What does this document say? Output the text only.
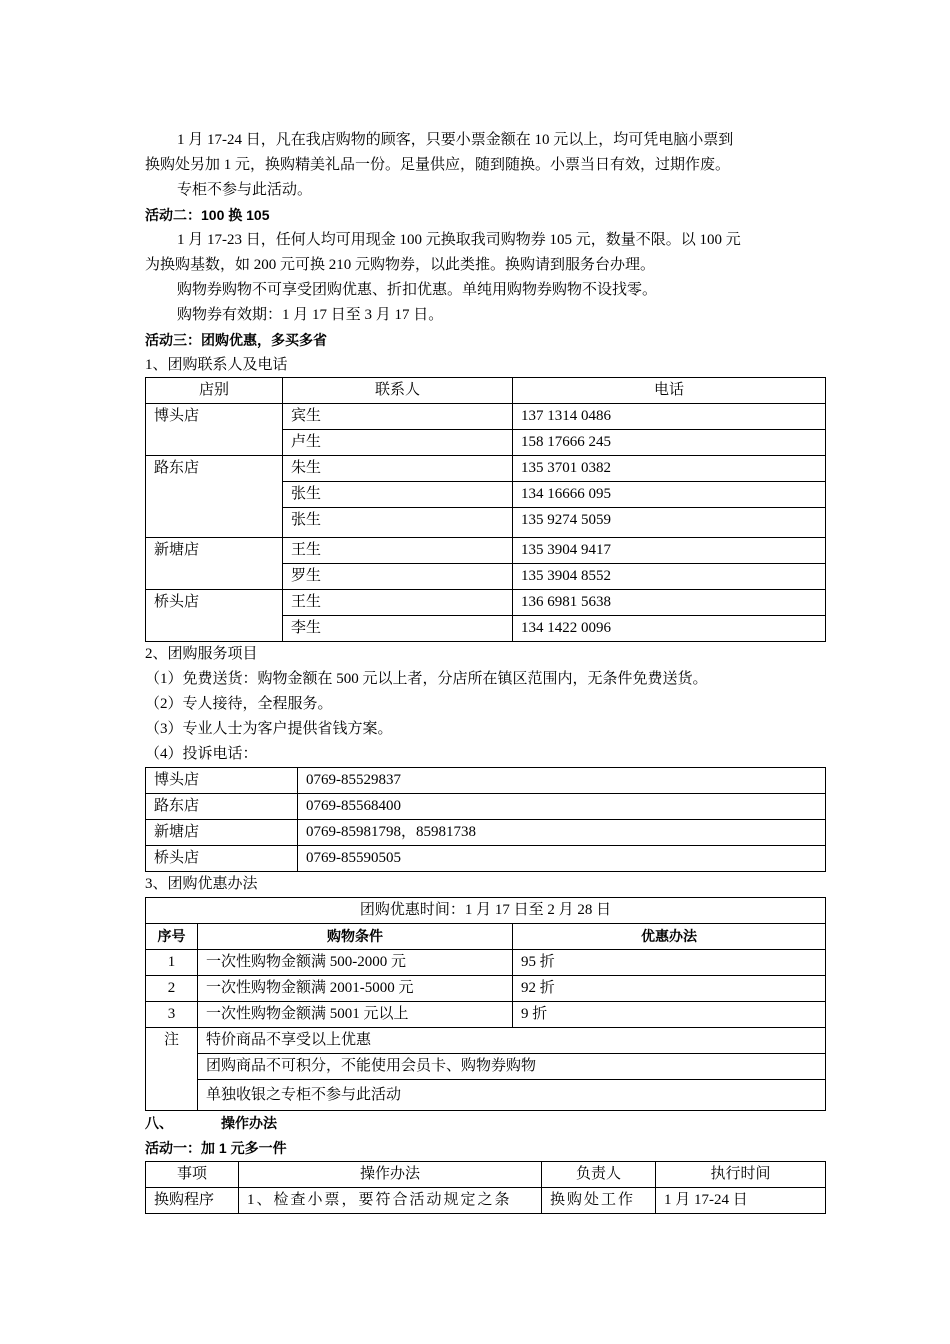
1 月 17-24 日，凡在我店购物的顾客，只要小票金额在 10 元以上，均可凭电脑小票到
换购处另加 1 元，换购精美礼品一份。足量供应，随到随换。小票当日有效，过期作废。
专柜不参与此活动。
活动二：100 换 105
1 月 17-23 日，任何人均可用现金 100 元换取我司购物券 105 元，数量不限。以 100 元
为换购基数，如 200 元可换 210 元购物券，以此类推。换购请到服务台办理。
购物券购物不可享受团购优惠、折扣优惠。单纯用购物券购物不设找零。
购物券有效期：1 月 17 日至 3 月 17 日。
活动三：团购优惠，多买多省
1、团购联系人及电话
店别	联系人	电话
博头店	宾生	137 1314 0486
	卢生	158 17666 245
路东店	朱生	135 3701 0382
	张生	134 16666 095
	张生	135 9274 5059
新塘店	王生	135 3904 9417
	罗生	135 3904 8552
桥头店	王生	136 6981 5638
	李生	134 1422 0096
2、团购服务项目
（1）免费送货：购物金额在 500 元以上者，分店所在镇区范围内，无条件免费送货。
（2）专人接待，全程服务。
（3）专业人士为客户提供省钱方案。
（4）投诉电话：
博头店	0769-85529837
路东店	0769-85568400
新塘店	0769-85981798，85981738
桥头店	0769-85590505
3、团购优惠办法
团购优惠时间：1 月 17 日至 2 月 28 日		
序号	购物条件	优惠办法
1	一次性购物金额满 500-2000 元	95 折
2	一次性购物金额满 2001-5000 元	92 折
3	一次性购物金额满 5001 元以上	9 折
注	特价商品不享受以上优惠	
	团购商品不可积分，不能使用会员卡、购物券购物	
	单独收银之专柜不参与此活动	
八、	操作办法
活动一：加 1 元多一件
事项	操作办法	负责人	执行时间
换购程序	1、检查小票，要符合活动规定之条	换购处工作	1 月 17-24 日
